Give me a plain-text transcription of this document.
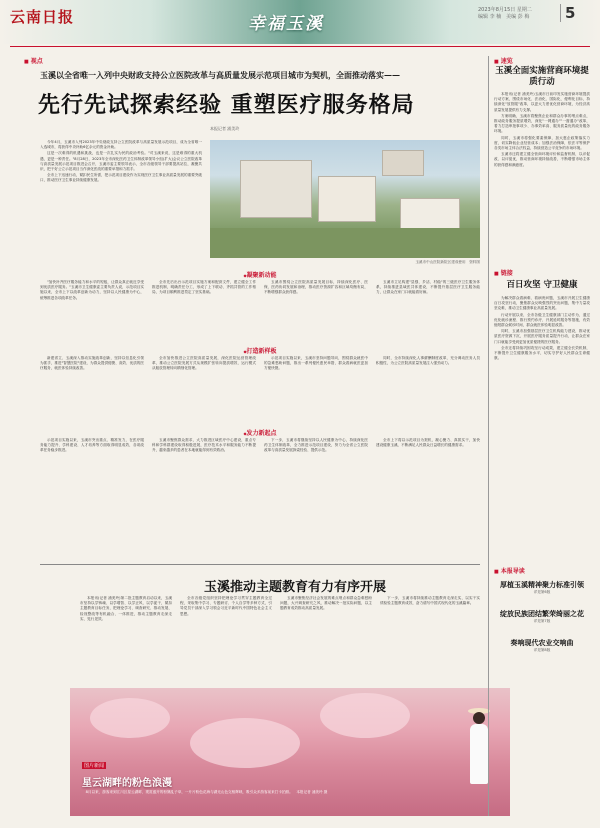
云南日报	幸福玉溪
2023年8月15日 星期二
编辑 李 楠　美编 彭 梅	5
■ 视点
玉溪以全省唯一入列中央财政支持公立医院改革与高质量发展示范项目城市为契机，全面推动落实——
先行先试探索经验 重塑医疗服务格局
本报记者 浦美玲

今年4月，玉溪市入列2023年中央财政支持公立医院改革与高质量发展示范项目，成为全省唯一入选城市，将获得中央补助6亿余元的资金补助。

这是一次难得的机遇和挑战，也是一次扎实为民的政治考验。"对玉溪来说，这是难得的重大机遇，更是一种责任。"8月28日，2023年全市深化医药卫生体制改革领导小组(扩大)会议公立医院改革与高质量发展示范项目推进会召开，玉溪市委主要领导表示，全市各级领导干部要提高站位，凝聚共识，把干好公立示范项目当作深化医改的重要举措和力抓手。

全市上下迅速行动，紧扣民生所需，把示范项目建设作为实现医疗卫生事业高质量发展的重要突破口，推动医疗卫生事业持续健康发展。

玉溪市中山医院新院区建成使用　资料图
◆ 凝聚新动能

"加快补齐医疗服务能力和水平的短板，让群众真正就近享受到优质医疗服务。"玉溪市卫生健康委主要负责人说，示范项目实施以来，全市上下以改革创新为动力，坚持以人民健康为中心，统筹推进各项改革任务。

全市先后出台示范项目实施方案和配套文件，建立健全工作推进机制，明确责任分工，形成了上下联动、齐抓共管的工作格局，为项目顺利推进奠定了坚实基础。

玉溪市围绕公立医院高质量发展目标，持续深化医疗、医保、医药协同发展和治理，推动医疗资源扩容和区域均衡布局，不断增强群众获得感。

玉溪市立足构建"县强、乡活、村稳"的三级医疗卫生服务体系，持续推进县域医共体建设，不断提升基层医疗卫生服务能力，让群众在家门口就能看好病。

◆ 打造新样板

新建省立、玉溪深入推动实施改革创新，坚持以信息化引领为抓手，推进"智慧医院"建设，为群众提供便捷、高效、优质的医疗服务，就医体验持续改善。

全市加快推进公立医院高质量发展，深化医院运营管理改革，推动公立医院发展方式从规模扩张转向提质增效，运行模式从粗放管理转向精细化管理。

示范项目实施以来，玉溪市坚持问题导向，围绕群众就医中的急难愁盼问题，推出一系列便民惠民举措，群众看病就医更加方便快捷。

同时，全市持续深化人事薪酬制度改革，充分调动医务人员积极性，为公立医院高质量发展注入强劲动力。

◆ 发力新起点

示范项目实施以来，玉溪市突出重点、精准发力，在医疗服务能力提升、学科建设、人才培养等方面取得明显成效，各项改革任务稳步推进。

玉溪市聚焦群众需求，大力推进区域医疗中心建设，重点专科和学科群建设取得积极进展，医疗技术水平和服务能力不断提升，越来越多的患者在本地就能得到有效救治。

下一步，玉溪市将继续坚持以人民健康为中心，持续深化医药卫生体制改革，全力推进示范项目建设，努力为全省公立医院改革与高质量发展探索经验、提供示范。

全市上下将以示范项目为契机，凝心聚力、真抓实干，加快建设健康玉溪，不断满足人民群众日益增长的健康需求。

玉溪推动主题教育有力有序开展

本报讯(记者 浦美玲)第二批主题教育启动以来，玉溪市坚持以学铸魂、以学增智、以学正风、以学促干，紧扣主题教育目标任务，把理论学习、调查研究、推动发展、检视整改等有机融合、一体推进，推动主题教育走深走实、见行见效。

全市各级党组织坚持把理论学习贯穿主题教育全过程，采取集中学习、专题研讨、个人自学等多种方式，引导党员干部深入学习领会习近平新时代中国特色社会主义思想。

玉溪市聚焦经济社会发展的难点堵点和群众急难愁盼问题，大兴调查研究之风，推动解决一批实际问题，以主题教育成效推动高质量发展。

下一步，玉溪市将持续推动主题教育走深走实，以实干实绩检验主题教育成效，奋力谱写中国式现代化的玉溪篇章。

图片新闻
星云湖畔的粉色浪漫
　8月以来，游客来到江川区星云湖畔，观赏盛开的粉黛乱子草，一片片粉色花海与湖光山色交相辉映，吸引众多游客前来打卡拍照。　本报记者 浦美玲 摄
■ 速览
玉溪全面实施营商环境提质行动

本报讯(记者 浦美玲)玉溪市日前印发实施营商环境提质行动方案，围绕市场化、法治化、国际化、便利化目标，持续深化"放管服"改革，以更大力度优化营商环境，为经济高质量发展提供有力支撑。

方案明确，玉溪市将聚焦企业和群众办事的堵点难点，推动政务服务提质增效，深化"一网通办""一窗通办"改革，着力打造审批事项少、办事效率高、服务质量优的政务服务环境。

同时，玉溪市将强化要素保障，加大惠企政策落实力度，切实降低企业经营成本；加强法治保障，依法平等保护各类市场主体合法权益，持续营造公平竞争的市场环境。

玉溪市还将建立健全营商环境评价和监督机制，以评促改、以评促优，推动营商环境持续改善，不断增强市场主体的获得感和满意度。

■ 链接
百日攻坚 守卫健康

为解决群众看病难、看病贵问题，玉溪市开展卫生健康百日攻坚行动，聚焦群众反映强烈的突出问题，集中力量攻坚克难，推动卫生健康事业高质量发展。

行动开展以来，全市各级卫生健康部门主动作为，通过优化就诊流程、推行预约诊疗、开展延时服务等措施，有效缩短群众候诊时间，群众就医体验明显改善。

同时，玉溪市加强基层医疗卫生机构能力建设，推动优质医疗资源下沉，开展医疗服务质量提升行动，让群众在家门口就能享受到更加优质便捷的医疗服务。

全市还将持续巩固攻坚行动成果，建立健全长效机制，不断提升卫生健康服务水平，切实守护好人民群众生命健康。

■ 本报导读
厚植玉溪精神聚力标准引领
详见第6版
绽放民族团结繁荣绮丽之花
详见第7版
奏响现代农业交响曲
详见第8版
